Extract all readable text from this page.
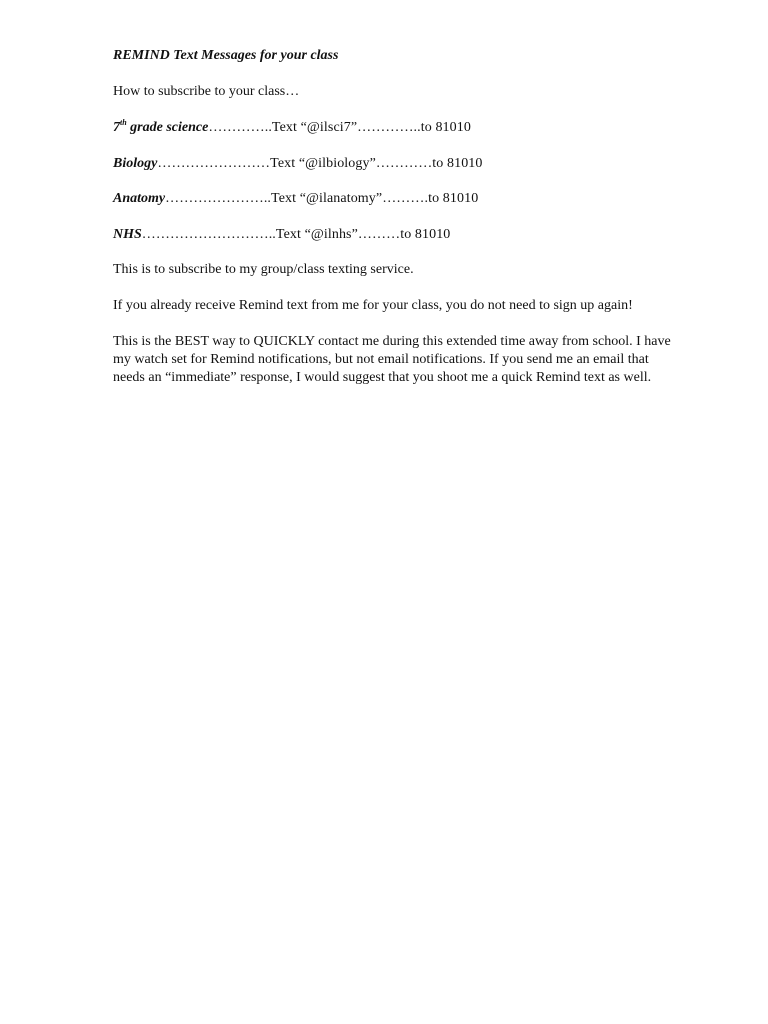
REMIND Text Messages for your class

How to subscribe to your class…

7th grade science…………..Text “@ilsci7”…………..to 81010
Biology……………………Text “@ilbiology”…………to 81010
Anatomy…………………..Text “@ilanatomy”……….to 81010
NHS………………………..Text “@ilnhs”………to 81010

This is to subscribe to my group/class texting service.

If you already receive Remind text from me for your class, you do not need to sign up again!

This is the BEST way to QUICKLY contact me during this extended time away from school. I have my watch set for Remind notifications, but not email notifications. If you send me an email that needs an “immediate” response, I would suggest that you shoot me a quick Remind text as well.
